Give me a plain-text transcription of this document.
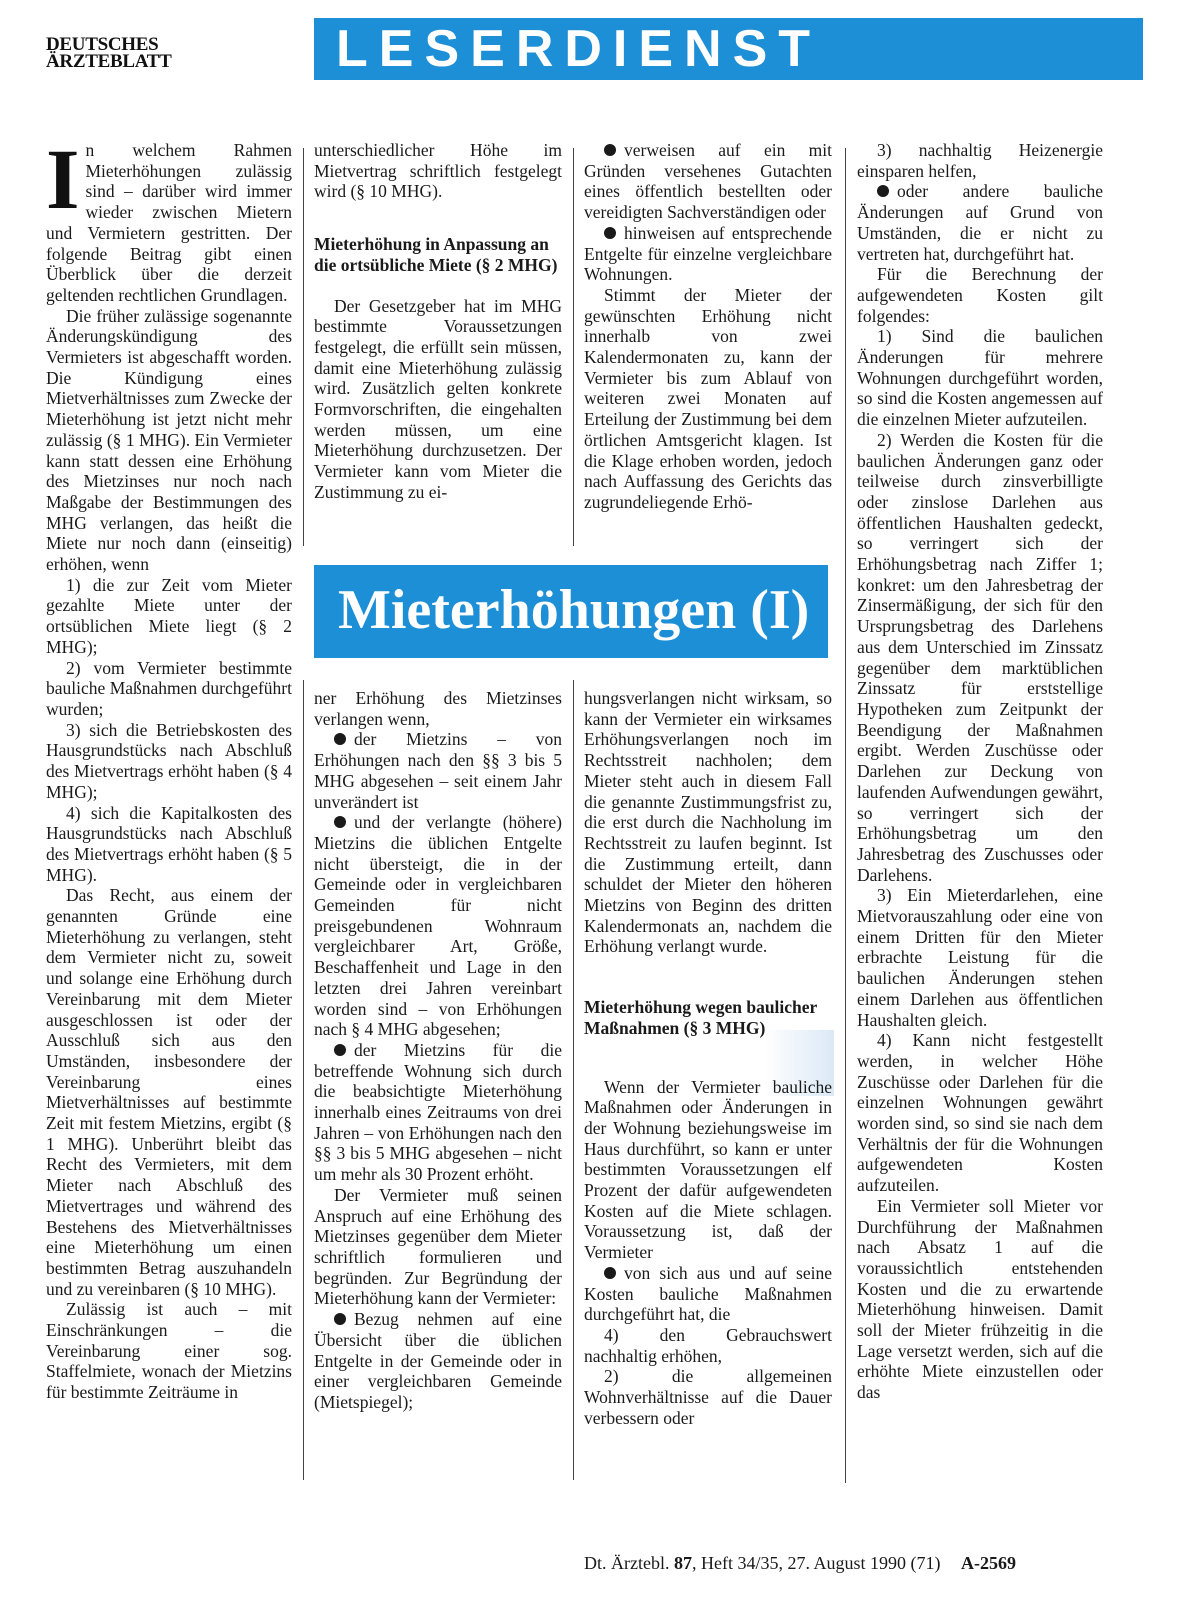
DEUTSCHES
ÄRZTEBLATT	LESERDIENST

In welchem Rahmen Mieterhöhungen zulässig sind – darüber wird immer wieder zwischen Mietern und Vermietern gestritten. Der folgende Beitrag gibt einen Überblick über die derzeit geltenden rechtlichen Grundlagen.

Die früher zulässige sogenannte Änderungskündigung des Vermieters ist abgeschafft worden. Die Kündigung eines Mietverhältnisses zum Zwecke der Mieterhöhung ist jetzt nicht mehr zulässig (§ 1 MHG). Ein Vermieter kann statt dessen eine Erhöhung des Mietzinses nur noch nach Maßgabe der Bestimmungen des MHG verlangen, das heißt die Miete nur noch dann (einseitig) erhöhen, wenn

1) die zur Zeit vom Mieter gezahlte Miete unter der ortsüblichen Miete liegt (§ 2 MHG);

2) vom Vermieter bestimmte bauliche Maßnahmen durchgeführt wurden;

3) sich die Betriebskosten des Hausgrundstücks nach Abschluß des Mietvertrags erhöht haben (§ 4 MHG);

4) sich die Kapitalkosten des Hausgrundstücks nach Abschluß des Mietvertrags erhöht haben (§ 5 MHG).

Das Recht, aus einem der genannten Gründe eine Mieterhöhung zu verlangen, steht dem Vermieter nicht zu, soweit und solange eine Erhöhung durch Vereinbarung mit dem Mieter ausgeschlossen ist oder der Ausschluß sich aus den Umständen, insbesondere der Vereinbarung eines Mietverhältnisses auf bestimmte Zeit mit festem Mietzins, ergibt (§ 1 MHG). Unberührt bleibt das Recht des Vermieters, mit dem Mieter nach Abschluß des Mietvertrages und während des Bestehens des Mietverhältnisses eine Mieterhöhung um einen bestimmten Betrag auszuhandeln und zu vereinbaren (§ 10 MHG).

Zulässig ist auch – mit Einschränkungen – die Vereinbarung einer sog. Staffelmiete, wonach der Mietzins für bestimmte Zeiträume in

unterschiedlicher Höhe im Mietvertrag schriftlich festgelegt wird (§ 10 MHG).

Mieterhöhung in Anpassung an die ortsübliche Miete (§ 2 MHG)

Der Gesetzgeber hat im MHG bestimmte Voraussetzungen festgelegt, die erfüllt sein müssen, damit eine Mieterhöhung zulässig wird. Zusätzlich gelten konkrete Formvorschriften, die eingehalten werden müssen, um eine Mieterhöhung durchzusetzen. Der Vermieter kann vom Mieter die Zustimmung zu ei-

verweisen auf ein mit Gründen versehenes Gutachten eines öffentlich bestellten oder vereidigten Sachverständigen oder

hinweisen auf entsprechende Entgelte für einzelne vergleichbare Wohnungen.

Stimmt der Mieter der gewünschten Erhöhung nicht innerhalb von zwei Kalendermonaten zu, kann der Vermieter bis zum Ablauf von weiteren zwei Monaten auf Erteilung der Zustimmung bei dem örtlichen Amtsgericht klagen. Ist die Klage erhoben worden, jedoch nach Auffassung des Gerichts das zugrundeliegende Erhö-

Mieterhöhungen (I)

ner Erhöhung des Mietzinses verlangen wenn,

der Mietzins – von Erhöhungen nach den §§ 3 bis 5 MHG abgesehen – seit einem Jahr unverändert ist

und der verlangte (höhere) Mietzins die üblichen Entgelte nicht übersteigt, die in der Gemeinde oder in vergleichbaren Gemeinden für nicht preisgebundenen Wohnraum vergleichbarer Art, Größe, Beschaffenheit und Lage in den letzten drei Jahren vereinbart worden sind – von Erhöhungen nach § 4 MHG abgesehen;

der Mietzins für die betreffende Wohnung sich durch die beabsichtigte Mieterhöhung innerhalb eines Zeitraums von drei Jahren – von Erhöhungen nach den §§ 3 bis 5 MHG abgesehen – nicht um mehr als 30 Prozent erhöht.

Der Vermieter muß seinen Anspruch auf eine Erhöhung des Mietzinses gegenüber dem Mieter schriftlich formulieren und begründen. Zur Begründung der Mieterhöhung kann der Vermieter:

Bezug nehmen auf eine Übersicht über die üblichen Entgelte in der Gemeinde oder in einer vergleichbaren Gemeinde (Mietspiegel);

hungsverlangen nicht wirksam, so kann der Vermieter ein wirksames Erhöhungsverlangen noch im Rechtsstreit nachholen; dem Mieter steht auch in diesem Fall die genannte Zustimmungsfrist zu, die erst durch die Nachholung im Rechtsstreit zu laufen beginnt. Ist die Zustimmung erteilt, dann schuldet der Mieter den höheren Mietzins von Beginn des dritten Kalendermonats an, nachdem die Erhöhung verlangt wurde.

Mieterhöhung wegen baulicher Maßnahmen (§ 3 MHG)

Wenn der Vermieter bauliche Maßnahmen oder Änderungen in der Wohnung beziehungsweise im Haus durchführt, so kann er unter bestimmten Voraussetzungen elf Prozent der dafür aufgewendeten Kosten auf die Miete schlagen. Voraussetzung ist, daß der Vermieter

von sich aus und auf seine Kosten bauliche Maßnahmen durchgeführt hat, die

4) den Gebrauchswert nachhaltig erhöhen,

2) die allgemeinen Wohnverhältnisse auf die Dauer verbessern oder

3) nachhaltig Heizenergie einsparen helfen,

oder andere bauliche Änderungen auf Grund von Umständen, die er nicht zu vertreten hat, durchgeführt hat.

Für die Berechnung der aufgewendeten Kosten gilt folgendes:

1) Sind die baulichen Änderungen für mehrere Wohnungen durchgeführt worden, so sind die Kosten angemessen auf die einzelnen Mieter aufzuteilen.

2) Werden die Kosten für die baulichen Änderungen ganz oder teilweise durch zinsverbilligte oder zinslose Darlehen aus öffentlichen Haushalten gedeckt, so verringert sich der Erhöhungsbetrag nach Ziffer 1; konkret: um den Jahresbetrag der Zinsermäßigung, der sich für den Ursprungsbetrag des Darlehens aus dem Unterschied im Zinssatz gegenüber dem marktüblichen Zinssatz für erststellige Hypotheken zum Zeitpunkt der Beendigung der Maßnahmen ergibt. Werden Zuschüsse oder Darlehen zur Deckung von laufenden Aufwendungen gewährt, so verringert sich der Erhöhungsbetrag um den Jahresbetrag des Zuschusses oder Darlehens.

3) Ein Mieterdarlehen, eine Mietvorauszahlung oder eine von einem Dritten für den Mieter erbrachte Leistung für die baulichen Änderungen stehen einem Darlehen aus öffentlichen Haushalten gleich.

4) Kann nicht festgestellt werden, in welcher Höhe Zuschüsse oder Darlehen für die einzelnen Wohnungen gewährt worden sind, so sind sie nach dem Verhältnis der für die Wohnungen aufgewendeten Kosten aufzuteilen.

Ein Vermieter soll Mieter vor Durchführung der Maßnahmen nach Absatz 1 auf die voraussichtlich entstehenden Kosten und die zu erwartende Mieterhöhung hinweisen. Damit soll der Mieter frühzeitig in die Lage versetzt werden, sich auf die erhöhte Miete einzustellen oder das

Dt. Ärztebl. 87, Heft 34/35, 27. August 1990 (71) A-2569
